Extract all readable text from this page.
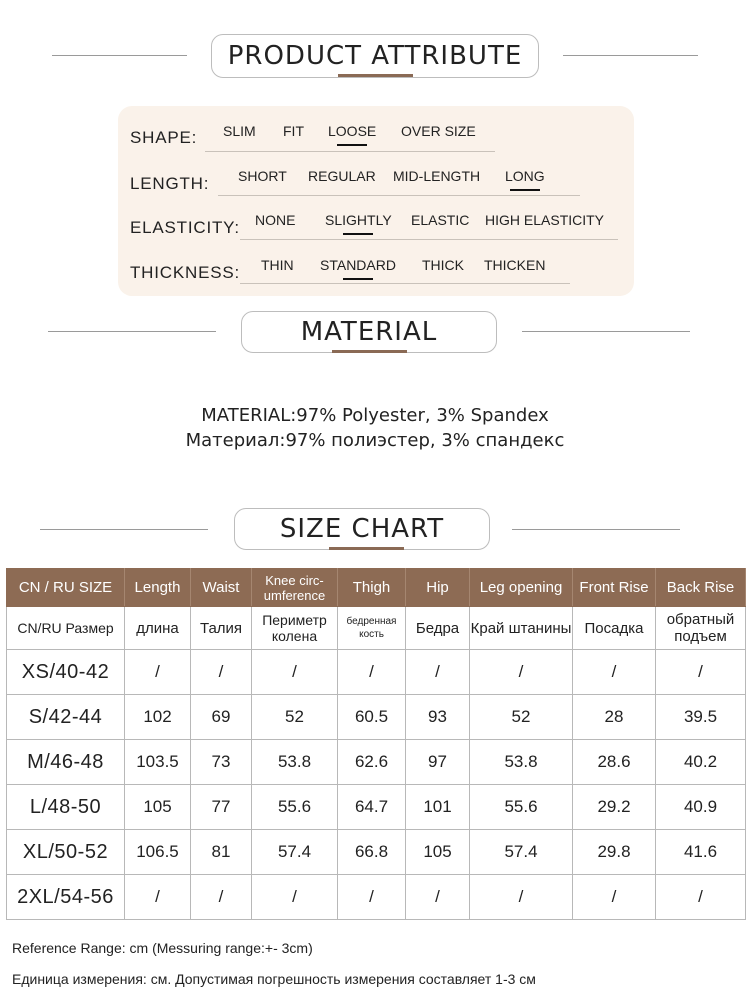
PRODUCT ATTRIBUTE
SHAPE: SLIM FIT LOOSE OVER SIZE
LENGTH: SHORT REGULAR MID-LENGTH LONG
ELASTICITY: NONE SLIGHTLY ELASTIC HIGH ELASTICITY
THICKNESS: THIN STANDARD THICK THICKEN
MATERIAL
MATERIAL:97% Polyester, 3% Spandex
Материал:97% полиэстер, 3% спандекс
SIZE CHART
CN / RU SIZE	Length	Waist	Knee circ-umference	Thigh	Hip	Leg opening	Front Rise	Back Rise
CN/RU Размер	длина	Талия	Периметр колена	бедренная кость	Бедра	Край штанины	Посадка	обратный подъем
XS/40-42	/	/	/	/	/	/	/	/
S/42-44	102	69	52	60.5	93	52	28	39.5
M/46-48	103.5	73	53.8	62.6	97	53.8	28.6	40.2
L/48-50	105	77	55.6	64.7	101	55.6	29.2	40.9
XL/50-52	106.5	81	57.4	66.8	105	57.4	29.8	41.6
2XL/54-56	/	/	/	/	/	/	/	/
Reference Range: cm (Messuring range:+- 3cm)
Единица измерения: см. Допустимая погрешность измерения составляет 1-3 см
